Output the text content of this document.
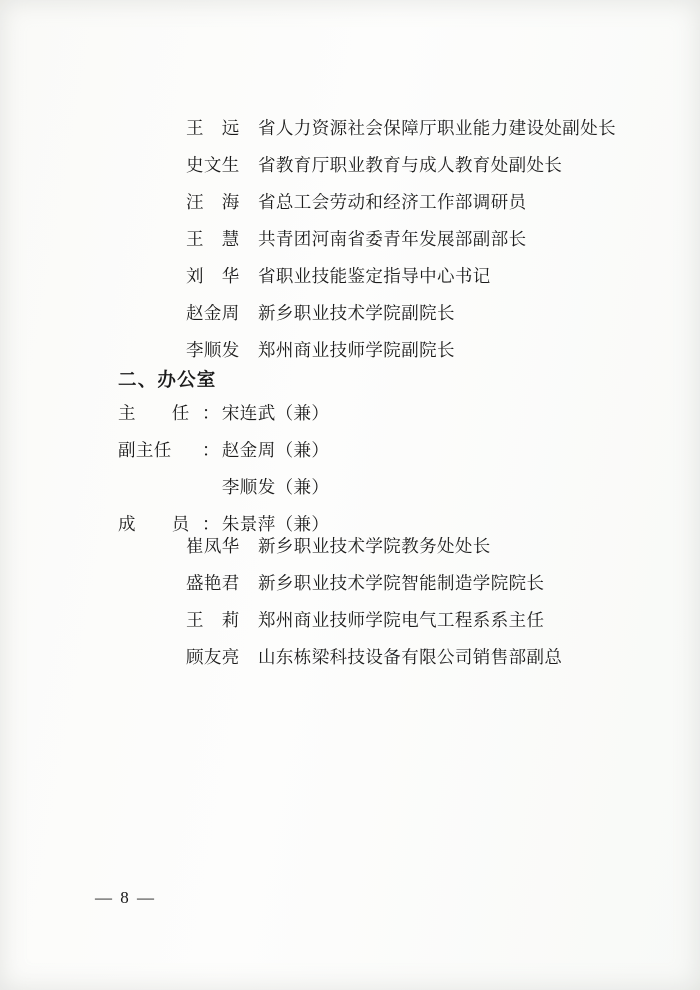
王　远	省人力资源社会保障厅职业能力建设处副处长
史文生	省教育厅职业教育与成人教育处副处长
汪　海	省总工会劳动和经济工作部调研员
王　慧	共青团河南省委青年发展部副部长
刘　华	省职业技能鉴定指导中心书记
赵金周	新乡职业技术学院副院长
李顺发	郑州商业技师学院副院长
二、办公室
主　　任 ： 宋连武（兼）
副主任	： 赵金周（兼）
李顺发（兼）
成　　员 ： 朱景萍（兼）
崔凤华	新乡职业技术学院教务处处长
盛艳君	新乡职业技术学院智能制造学院院长
王　莉	郑州商业技师学院电气工程系系主任
顾友亮	山东栋梁科技设备有限公司销售部副总
— 8 —
